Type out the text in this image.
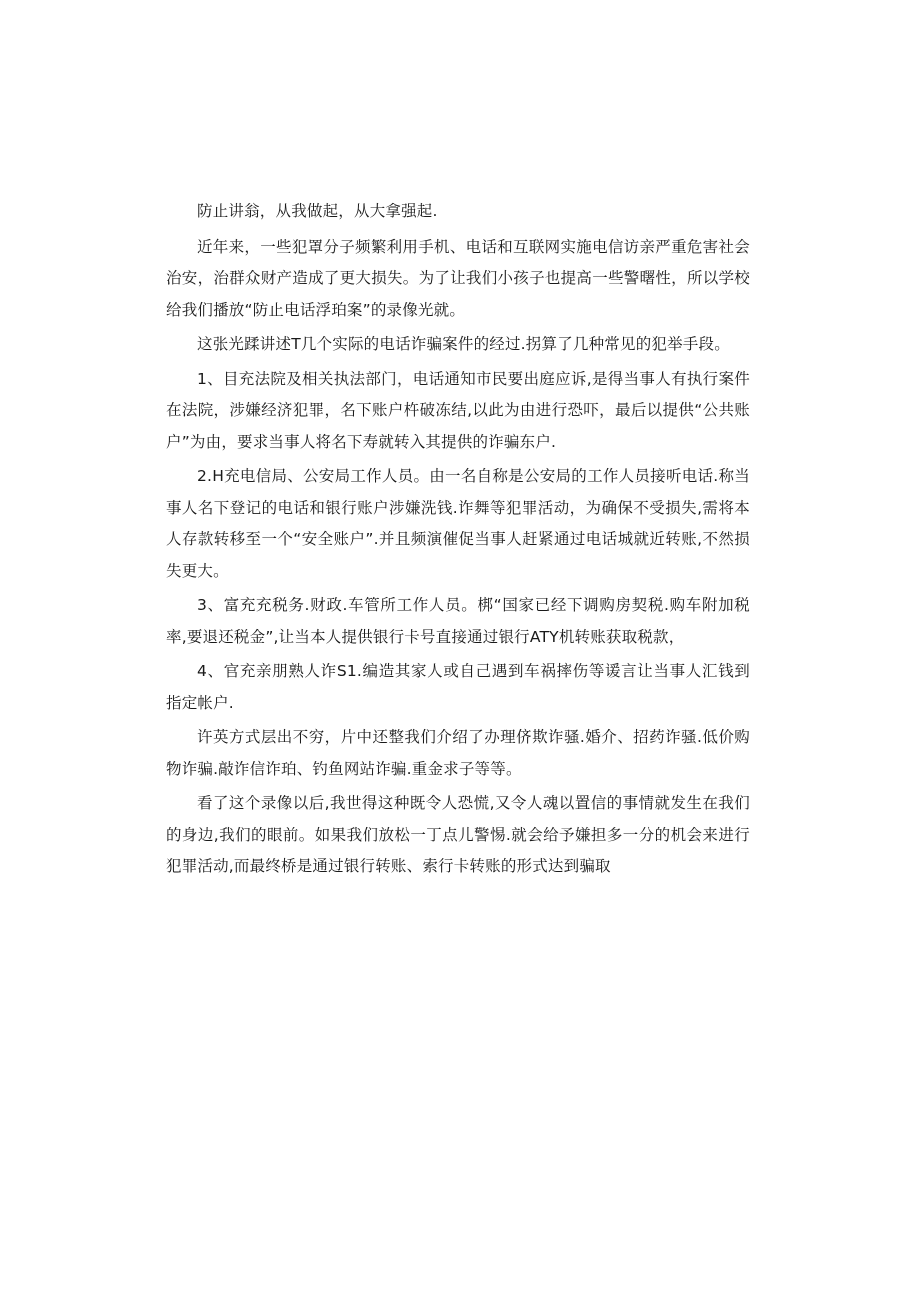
防止讲翁，从我做起，从大拿强起.

近年来，一些犯罩分子频繁利用手机、电话和互联网实施电信访亲严重危害社会治安，治群众财产造成了更大损失。为了让我们小孩子也提高一些警曙性，所以学校给我们播放“防止电话浮珀案”的录像光就。

这张光蹂讲述T几个实际的电话诈骗案件的经过.拐算了几种常见的犯举手段。

1、目充法院及相关执法部门，电话通知市民要出庭应诉,是得当事人有执行案件在法院，涉嫌经济犯罪，名下账户杵破冻结,以此为由进行恐吓，最后以提供“公共账户”为由，要求当事人将名下寿就转入其提供的诈骗东户.

2.H充电信局、公安局工作人员。由一名自称是公安局的工作人员接听电话.称当事人名下登记的电话和银行账户涉嫌洗钱.诈舞等犯罪活动，为确保不受损失,需将本人存款转移至一个“安全账户”.并且频演催促当事人赶紧通过电话城就近转账,不然损失更大。

3、富充充税务.财政.车管所工作人员。梆“国家已经下调购房契税.购车附加税率,要退还税金”,让当本人提供银行卡号直接通过银行ATY机转账获取税款，

4、官充亲朋熟人诈S1.编造其家人或自己遇到车祸摔伤等谖言让当事人汇钱到指定帐户.

许英方式层出不穷，片中还整我们介绍了办理侪欺诈骚.婚介、招药诈骚.低价购物诈骗.敲诈信诈珀、钓鱼网站诈骗.重金求子等等。

看了这个录像以后,我世得这种既令人恐慌,又令人魂以置信的事情就发生在我们的身边,我们的眼前。如果我们放松一丁点儿警惕.就会给予嫌担多一分的机会来进行犯罪活动,而最终桥是通过银行转账、索行卡转账的形式达到骗取
